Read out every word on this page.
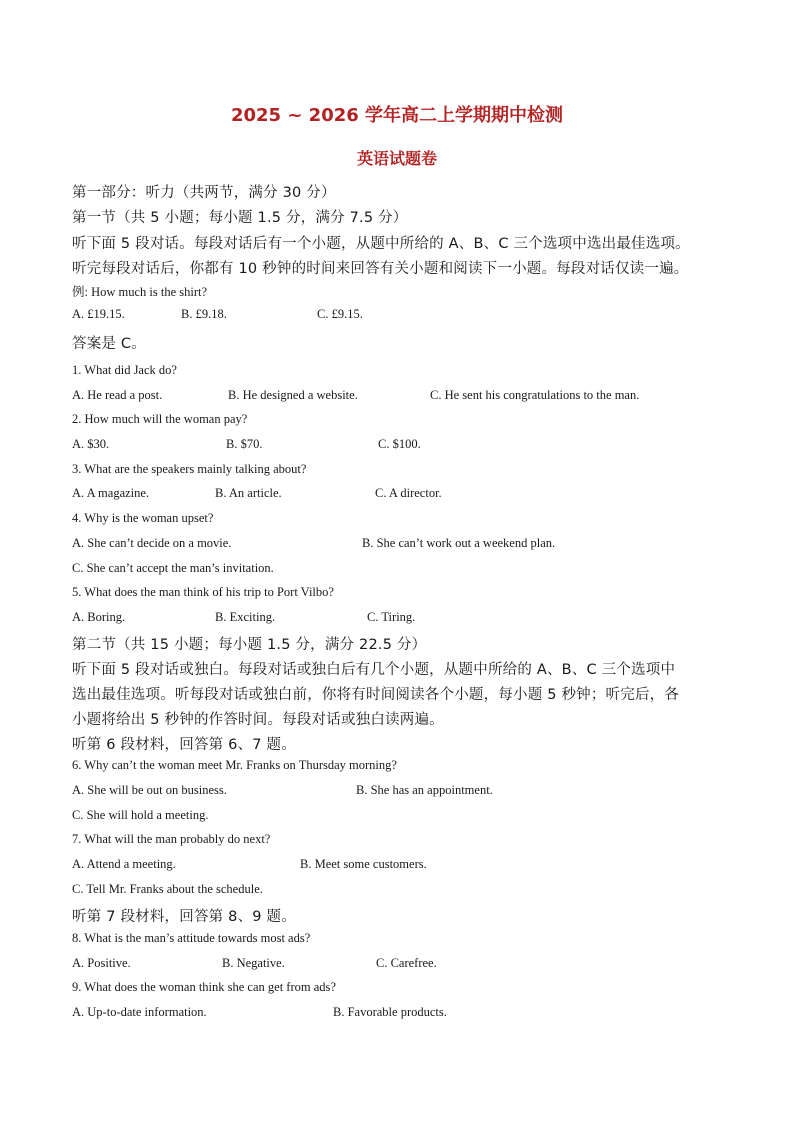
2025 ~ 2026 学年高二上学期期中检测
英语试题卷
第一部分：听力（共两节，满分 30 分）
第一节（共 5 小题；每小题 1.5 分，满分 7.5 分）
听下面 5 段对话。每段对话后有一个小题，从题中所给的 A、B、C 三个选项中选出最佳选项。
听完每段对话后，你都有 10 秒钟的时间来回答有关小题和阅读下一小题。每段对话仅读一遍。
例: How much is the shirt?
A. £19.15.	B. £9.18.	C. £9.15.
答案是 C。
1. What did Jack do?
A. He read a post.	B. He designed a website.	C. He sent his congratulations to the man.
2. How much will the woman pay?
A. $30.	B. $70.	C. $100.
3. What are the speakers mainly talking about?
A. A magazine.	B. An article.	C. A director.
4. Why is the woman upset?
A. She can’t decide on a movie.	B. She can’t work out a weekend plan.
C. She can’t accept the man’s invitation.
5. What does the man think of his trip to Port Vilbo?
A. Boring.	B. Exciting.	C. Tiring.
第二节（共 15 小题；每小题 1.5 分，满分 22.5 分）
听下面 5 段对话或独白。每段对话或独白后有几个小题，从题中所给的 A、B、C 三个选项中
选出最佳选项。听每段对话或独白前，你将有时间阅读各个小题，每小题 5 秒钟；听完后，各
小题将给出 5 秒钟的作答时间。每段对话或独白读两遍。
听第 6 段材料，回答第 6、7 题。
6. Why can’t the woman meet Mr. Franks on Thursday morning?
A. She will be out on business.	B. She has an appointment.
C. She will hold a meeting.
7. What will the man probably do next?
A. Attend a meeting.	B. Meet some customers.
C. Tell Mr. Franks about the schedule.
听第 7 段材料，回答第 8、9 题。
8. What is the man’s attitude towards most ads?
A. Positive.	B. Negative.	C. Carefree.
9. What does the woman think she can get from ads?
A. Up-to-date information.	B. Favorable products.
